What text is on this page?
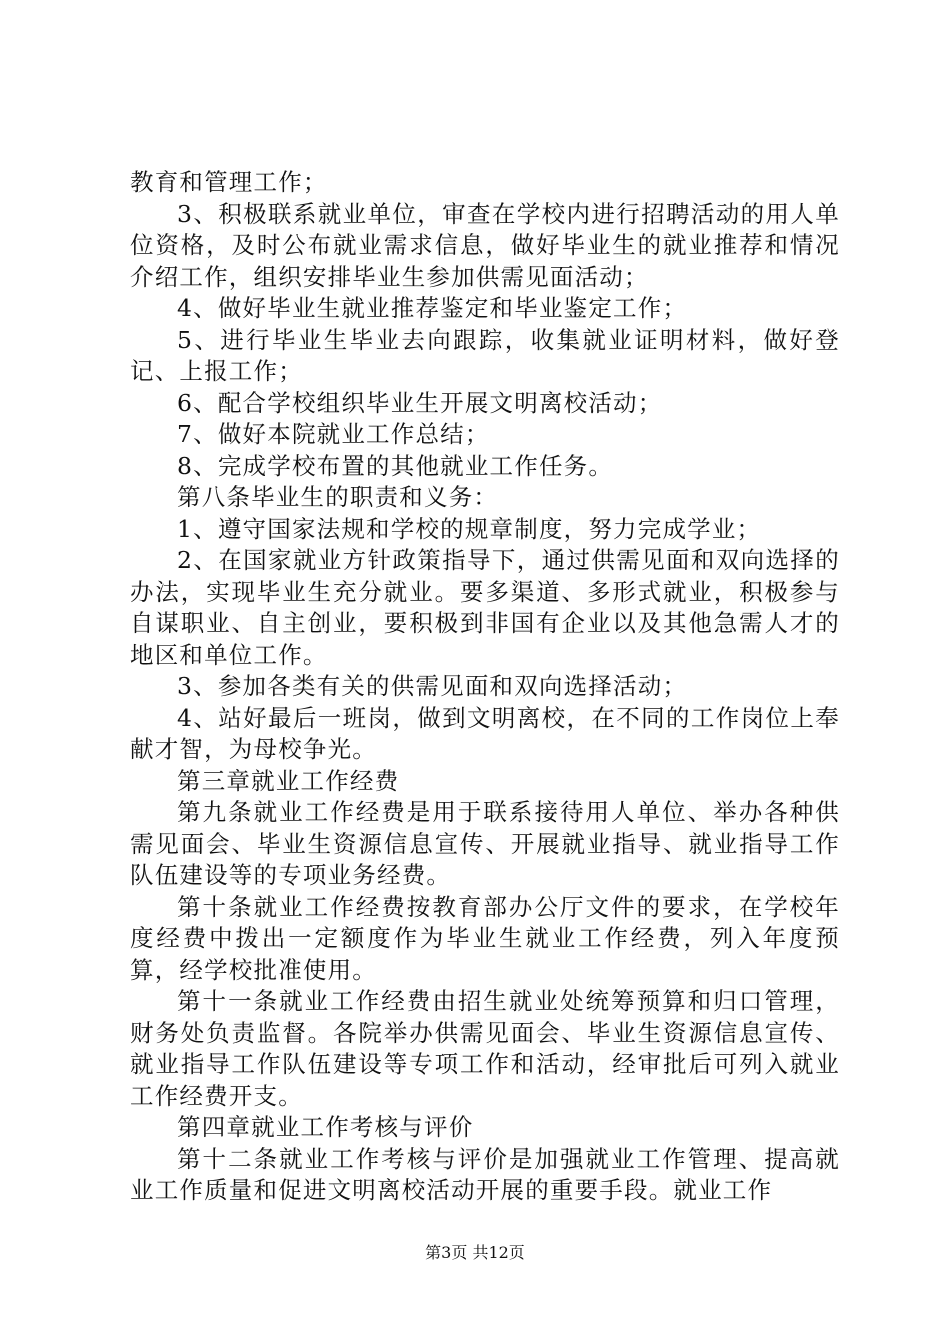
教育和管理工作；

3、积极联系就业单位，审查在学校内进行招聘活动的用人单位资格，及时公布就业需求信息，做好毕业生的就业推荐和情况介绍工作，组织安排毕业生参加供需见面活动；

4、做好毕业生就业推荐鉴定和毕业鉴定工作；

5、进行毕业生毕业去向跟踪，收集就业证明材料，做好登记、上报工作；

6、配合学校组织毕业生开展文明离校活动；

7、做好本院就业工作总结；

8、完成学校布置的其他就业工作任务。

第八条毕业生的职责和义务：

1、遵守国家法规和学校的规章制度，努力完成学业；

2、在国家就业方针政策指导下，通过供需见面和双向选择的办法，实现毕业生充分就业。要多渠道、多形式就业，积极参与自谋职业、自主创业，要积极到非国有企业以及其他急需人才的地区和单位工作。

3、参加各类有关的供需见面和双向选择活动；

4、站好最后一班岗，做到文明离校，在不同的工作岗位上奉献才智，为母校争光。

第三章就业工作经费

第九条就业工作经费是用于联系接待用人单位、举办各种供需见面会、毕业生资源信息宣传、开展就业指导、就业指导工作队伍建设等的专项业务经费。

第十条就业工作经费按教育部办公厅文件的要求，在学校年度经费中拨出一定额度作为毕业生就业工作经费，列入年度预算，经学校批准使用。

第十一条就业工作经费由招生就业处统筹预算和归口管理，财务处负责监督。各院举办供需见面会、毕业生资源信息宣传、就业指导工作队伍建设等专项工作和活动，经审批后可列入就业工作经费开支。

第四章就业工作考核与评价

第十二条就业工作考核与评价是加强就业工作管理、提高就业工作质量和促进文明离校活动开展的重要手段。就业工作

第3页 共12页
